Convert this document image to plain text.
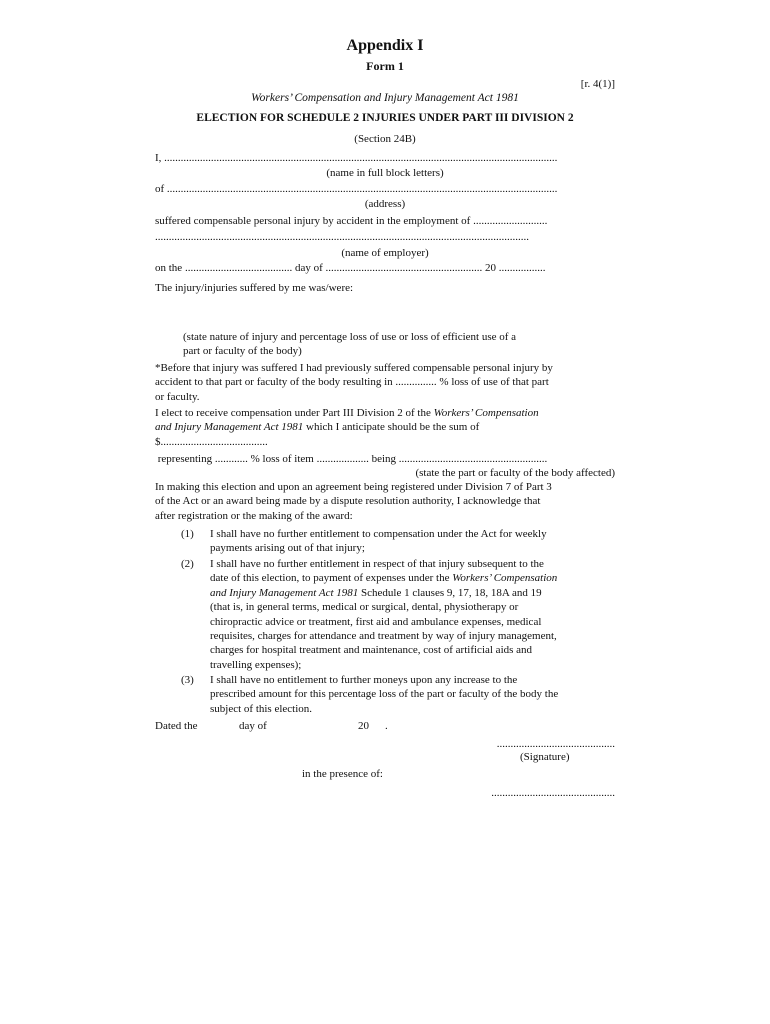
Appendix I
Form 1
[r. 4(1)]
Workers’ Compensation and Injury Management Act 1981
ELECTION FOR SCHEDULE 2 INJURIES UNDER PART III DIVISION 2
(Section 24B)
I, ...............................................................................................................................................
(name in full block letters)
of ..............................................................................................................................................
(address)
suffered compensable personal injury by accident in the employment of ...........................
........................................................................................................................................
(name of employer)
on the ....................................... day of ......................................................... 20 .................
The injury/injuries suffered by me was/were:
(state nature of injury and percentage loss of use or loss of efficient use of a
part or faculty of the body)
*Before that injury was suffered I had previously suffered compensable personal injury by
accident to that part or faculty of the body resulting in ............... % loss of use of that part
or faculty.
I elect to receive compensation under Part III Division 2 of the Workers’ Compensation
and Injury Management Act 1981 which I anticipate should be the sum of
$.......................................
representing ............ % loss of item ................... being ......................................................
(state the part or faculty of the body affected)
In making this election and upon an agreement being registered under Division 7 of Part 3
of the Act or an award being made by a dispute resolution authority, I acknowledge that
after registration or the making of the award:
(1) I shall have no further entitlement to compensation under the Act for weekly
payments arising out of that injury;
(2) I shall have no further entitlement in respect of that injury subsequent to the
date of this election, to payment of expenses under the Workers’ Compensation
and Injury Management Act 1981 Schedule 1 clauses 9, 17, 18, 18A and 19
(that is, in general terms, medical or surgical, dental, physiotherapy or
chiropractic advice or treatment, first aid and ambulance expenses, medical
requisites, charges for attendance and treatment by way of injury management,
charges for hospital treatment and maintenance, cost of artificial aids and
travelling expenses);
(3) I shall have no entitlement to further moneys upon any increase to the
prescribed amount for this percentage loss of the part or faculty of the body the
subject of this election.
Dated the	day of	20 .
...........................................
(Signature)
in the presence of:
.............................................
